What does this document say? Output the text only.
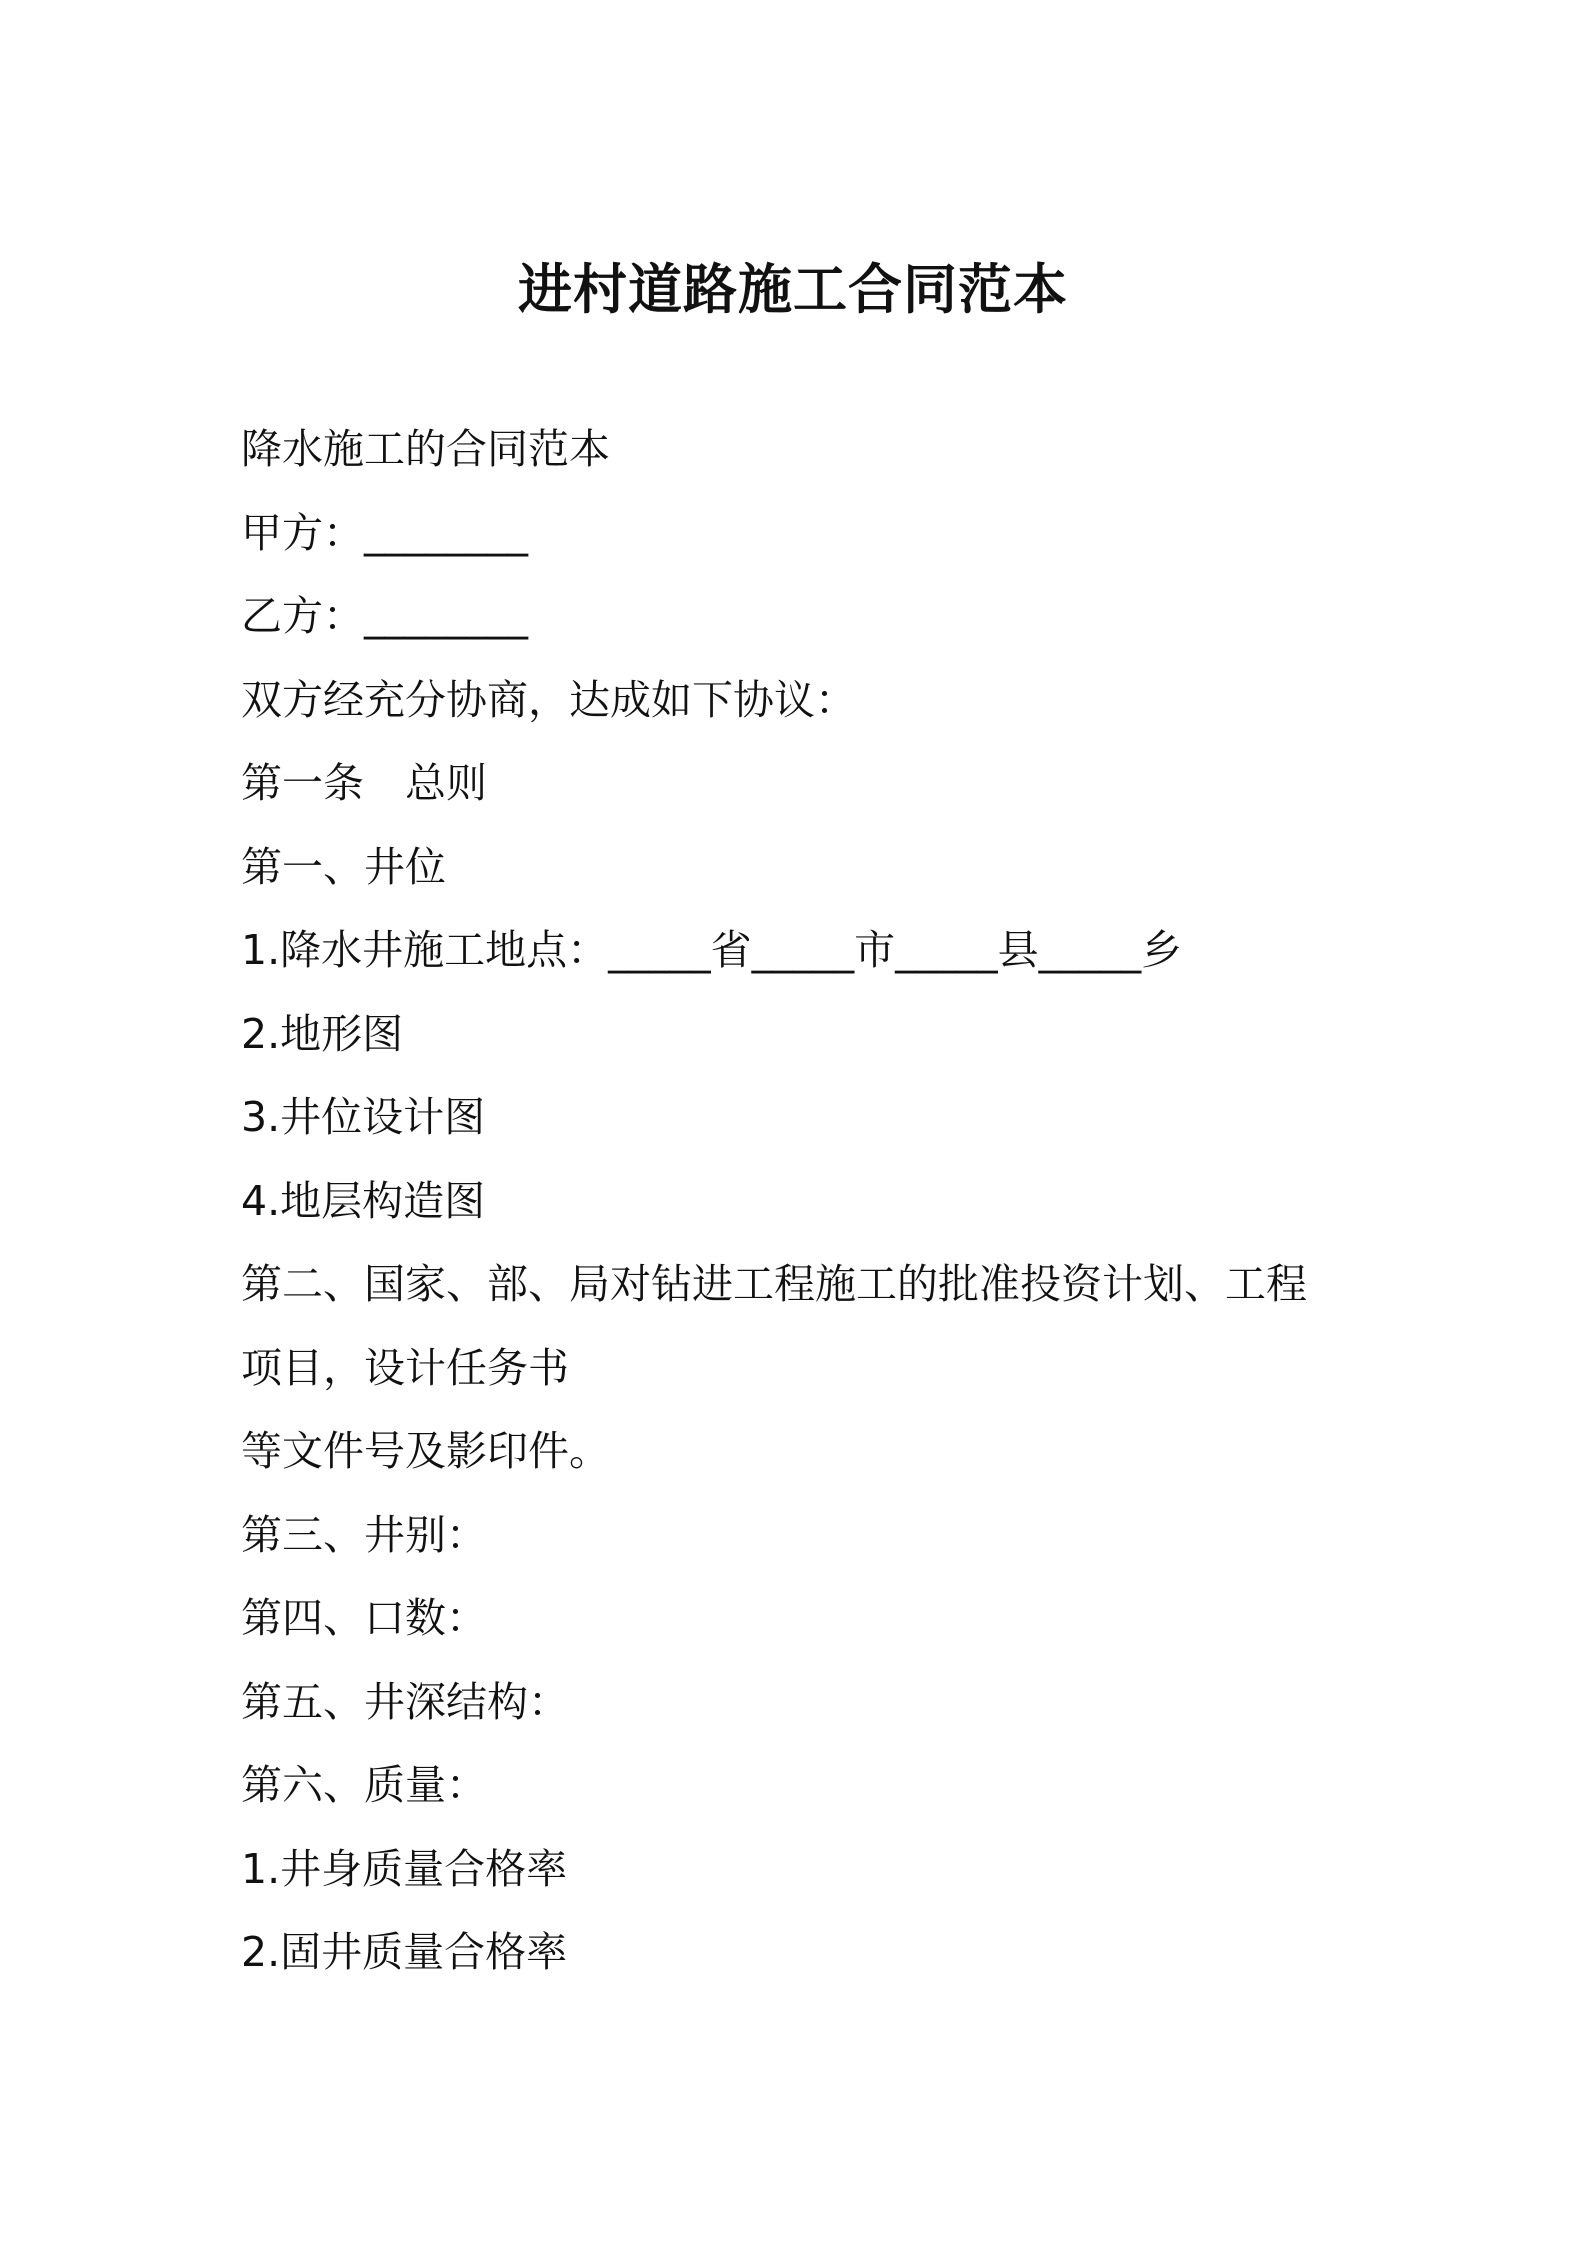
进村道路施工合同范本

降水施工的合同范本

甲方：________

乙方：________

双方经充分协商，达成如下协议：

第一条　总则

第一、井位

1.降水井施工地点：_____省_____市_____县_____乡

2.地形图

3.井位设计图

4.地层构造图

第二、国家、部、局对钻进工程施工的批准投资计划、工程

项目，设计任务书

等文件号及影印件。

第三、井别：

第四、口数：

第五、井深结构：

第六、质量：

1.井身质量合格率

2.固井质量合格率
